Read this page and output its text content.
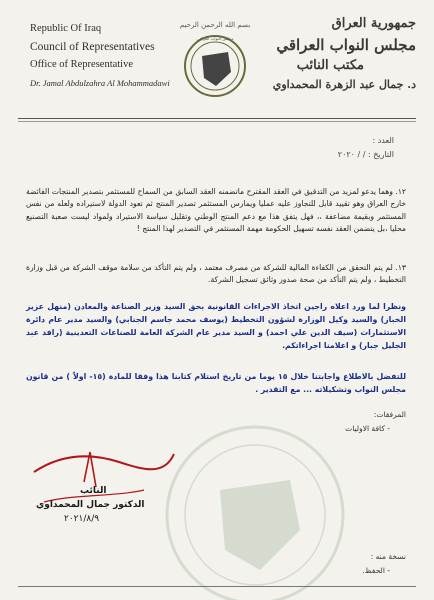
Republic Of Iraq
Council of Representatives
Office of Representative
Dr. Jamal Abdulzahra Al Mohammadawi
بسم الله الرحمن الرحيم
مجلس النواب العراقي
جمهورية العراق
مجلس النواب العراقي
مكتب النائب
د. جمال عبد الزهرة المحمداوي
العدد :
التاريخ : / / ٢٠٢٠
١٢. وهما يدعو لمزيد من التدقيق في العقد المقترح ماتضمنه العقد السابق من السماح للمستثمر بتصدير المنتجات الفائضة خارج العراق وهو تقييد قابل للتجاوز عليه عمليا ويمارس المستثمر تصدير المنتج ثم تعود الدولة لاستيراده ولعله من نفس المستثمر وبقيمة مضاعفة ،، فهل يتفق هذا مع دعم المنتج الوطني وتقليل سياسة الاستيراد ولمواد ليست صعبة التصنيع محليا ،بل يتضمن العقد نفسه تسهيل الحكومة مهمة المستثمر في التصدير لهذا المنتج !
١٣. لم يتم التحقق من الكفاءة المالية للشركة من مصرف معتمد ، ولم يتم التأكد من سلامة موقف الشركة من قبل وزارة التخطيط ، ولم يتم التأكد من صحة صدور وثائق تسجيل الشركة.
ونظرا لما ورد اعلاه راجين اتخاذ الاجراءات القانونية بحق السيد وزير الصناعة والمعادن (منهل عزيز الخباز) والسيد وكيل الوزارة لشؤون التخطيط (يوسف محمد جاسم الجنابي) والسيد مدير عام دائرة الاستثمارات (سيف الدين علي احمد) و السيد مدير عام الشركة العامة للصناعات التعدينية (رافد عبد الجليل جبار) و اعلامنا اجراءاتكم.
للتفضل بالاطلاع واجابتنا خلال ١٥ يوما من تاريخ استلام كتابنا هذا وفقا للمادة (١٥- اولاً ) من قانون مجلس النواب وتشكيلاته ... مع التقدير .
المرفقات:
- كافة الاوليات
النائب
الدكتور جمال المحمداوي
٢٠٢١/٨/٩
نسخة منه :
- الحفظ.
